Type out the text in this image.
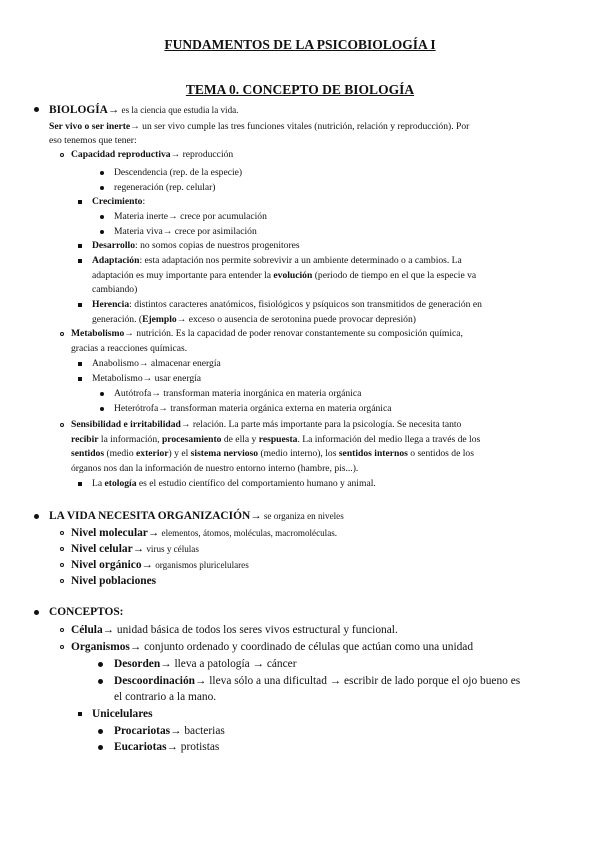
FUNDAMENTOS DE LA PSICOBIOLOGÍA I
TEMA 0. CONCEPTO DE BIOLOGÍA
BIOLOGÍA→ es la ciencia que estudia la vida.
Ser vivo o ser inerte→ un ser vivo cumple las tres funciones vitales (nutrición, relación y reproducción). Por
eso tenemos que tener:
Capacidad reproductiva→ reproducción
Descendencia (rep. de la especie)
regeneración (rep. celular)
Crecimiento:
Materia inerte→ crece por acumulación
Materia viva→ crece por asimilación
Desarrollo: no somos copias de nuestros progenitores
Adaptación: esta adaptación nos permite sobrevivir a un ambiente determinado o a cambios. La
adaptación es muy importante para entender la evolución (periodo de tiempo en el que la especie va
cambiando)
Herencia: distintos caracteres anatómicos, fisiológicos y psíquicos son transmitidos de generación en
generación. (Ejemplo→ exceso o ausencia de serotonina puede provocar depresión)
Metabolismo→ nutrición. Es la capacidad de poder renovar constantemente su composición química,
gracias a reacciones químicas.
Anabolismo→ almacenar energía
Metabolismo→ usar energía
Autótrofa→ transforman materia inorgánica en materia orgánica
Heterótrofa→ transforman materia orgánica externa en materia orgánica
Sensibilidad e irritabilidad→ relación. La parte más importante para la psicología. Se necesita tanto
recibir la información, procesamiento de ella y respuesta. La información del medio llega a través de los
sentidos (medio exterior) y el sistema nervioso (medio interno), los sentidos internos o sentidos de los
órganos nos dan la información de nuestro entorno interno (hambre, pis...).
La etología es el estudio científico del comportamiento humano y animal.
LA VIDA NECESITA ORGANIZACIÓN→ se organiza en niveles
Nivel molecular→ elementos, átomos, moléculas, macromoléculas.
Nivel celular→ virus y células
Nivel orgánico→ organismos pluricelulares
Nivel poblaciones
CONCEPTOS:
Célula→ unidad básica de todos los seres vivos estructural y funcional.
Organismos→ conjunto ordenado y coordinado de células que actúan como una unidad
Desorden→ lleva a patología → cáncer
Descoordinación→ lleva sólo a una dificultad → escribir de lado porque el ojo bueno es
el contrario a la mano.
Unicelulares
Procariotas→ bacterias
Eucariotas→ protistas
